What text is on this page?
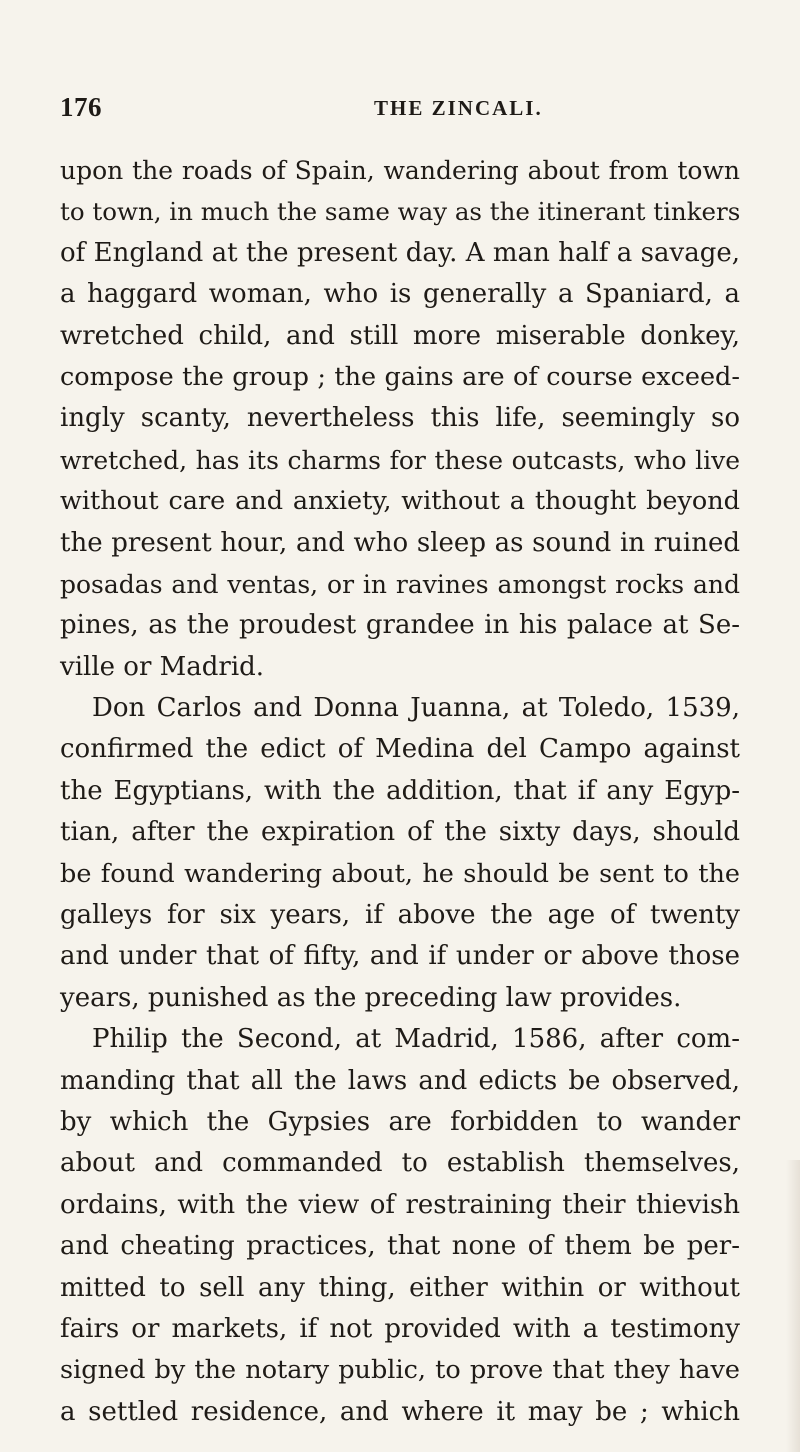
176	THE ZINCALI.
upon the roads of Spain, wandering about from town
to town, in much the same way as the itinerant tinkers
of England at the present day. A man half a savage,
a haggard woman, who is generally a Spaniard, a
wretched child, and still more miserable donkey,
compose the group ; the gains are of course exceed-
ingly scanty, nevertheless this life, seemingly so
wretched, has its charms for these outcasts, who live
without care and anxiety, without a thought beyond
the present hour, and who sleep as sound in ruined
posadas and ventas, or in ravines amongst rocks and
pines, as the proudest grandee in his palace at Se-
ville or Madrid.
Don Carlos and Donna Juanna, at Toledo, 1539,
confirmed the edict of Medina del Campo against
the Egyptians, with the addition, that if any Egyp-
tian, after the expiration of the sixty days, should
be found wandering about, he should be sent to the
galleys for six years, if above the age of twenty
and under that of fifty, and if under or above those
years, punished as the preceding law provides.
Philip the Second, at Madrid, 1586, after com-
manding that all the laws and edicts be observed,
by which the Gypsies are forbidden to wander
about and commanded to establish themselves,
ordains, with the view of restraining their thievish
and cheating practices, that none of them be per-
mitted to sell any thing, either within or without
fairs or markets, if not provided with a testimony
signed by the notary public, to prove that they have
a settled residence, and where it may be ; which
